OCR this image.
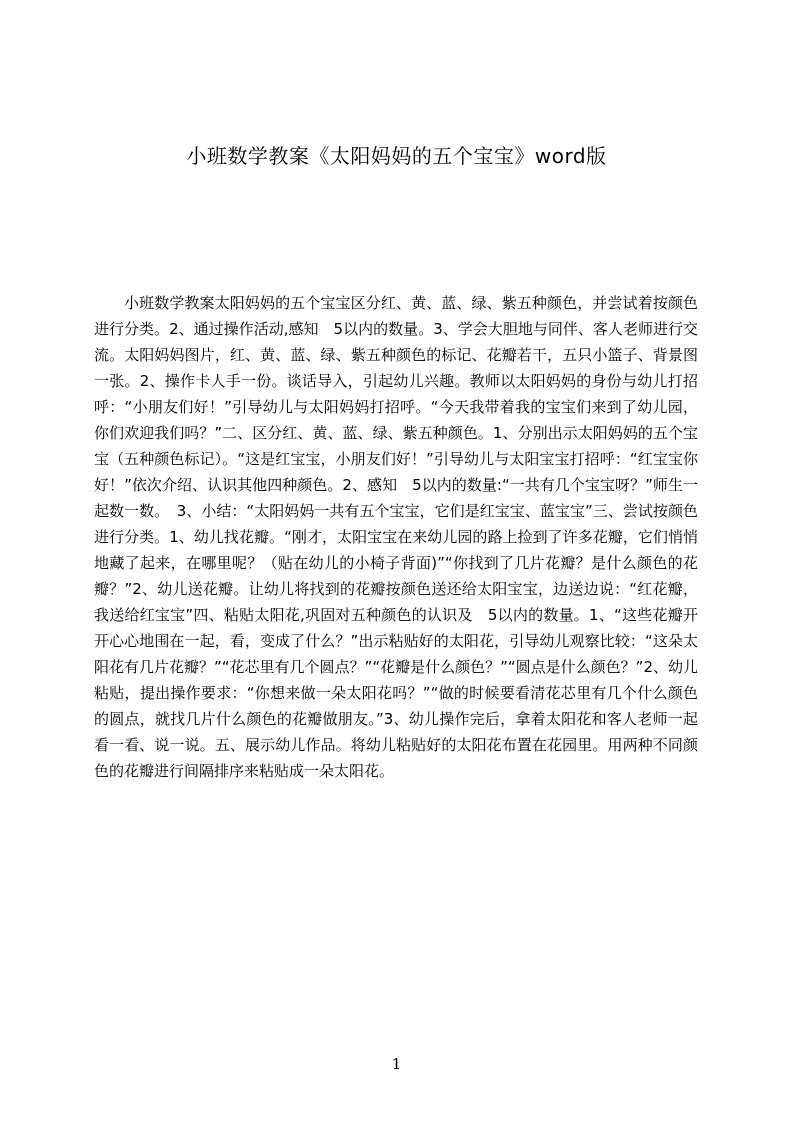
小班数学教案《太阳妈妈的五个宝宝》word版

小班数学教案太阳妈妈的五个宝宝区分红、黄、蓝、绿、紫五种颜色，并尝试着按颜色进行分类。2、通过操作活动,感知　5以内的数量。3、学会大胆地与同伴、客人老师进行交流。太阳妈妈图片，红、黄、蓝、绿、紫五种颜色的标记、花瓣若干，五只小篮子、背景图一张。2、操作卡人手一份。谈话导入，引起幼儿兴趣。教师以太阳妈妈的身份与幼儿打招呼：“小朋友们好！”引导幼儿与太阳妈妈打招呼。“今天我带着我的宝宝们来到了幼儿园，你们欢迎我们吗？”二、区分红、黄、蓝、绿、紫五种颜色。1、分别出示太阳妈妈的五个宝宝（五种颜色标记）。“这是红宝宝，小朋友们好！”引导幼儿与太阳宝宝打招呼：“红宝宝你好！”依次介绍、认识其他四种颜色。2、感知　5以内的数量:“一共有几个宝宝呀？”师生一起数一数。　3、小结：“太阳妈妈一共有五个宝宝，它们是红宝宝、蓝宝宝”三、尝试按颜色进行分类。1、幼儿找花瓣。“刚才，太阳宝宝在来幼儿园的路上捡到了许多花瓣，它们悄悄地藏了起来，在哪里呢？（贴在幼儿的小椅子背面)”“你找到了几片花瓣？是什么颜色的花瓣？”2、幼儿送花瓣。让幼儿将找到的花瓣按颜色送还给太阳宝宝，边送边说：“红花瓣，我送给红宝宝”四、粘贴太阳花,巩固对五种颜色的认识及　5以内的数量。1、“这些花瓣开开心心地围在一起，看，变成了什么？”出示粘贴好的太阳花，引导幼儿观察比较：“这朵太阳花有几片花瓣？”“花芯里有几个圆点？”“花瓣是什么颜色？”“圆点是什么颜色？”2、幼儿粘贴，提出操作要求：“你想来做一朵太阳花吗？”“做的时候要看清花芯里有几个什么颜色的圆点，就找几片什么颜色的花瓣做朋友。”3、幼儿操作完后，拿着太阳花和客人老师一起看一看、说一说。五、展示幼儿作品。将幼儿粘贴好的太阳花布置在花园里。用两种不同颜色的花瓣进行间隔排序来粘贴成一朵太阳花。

1
